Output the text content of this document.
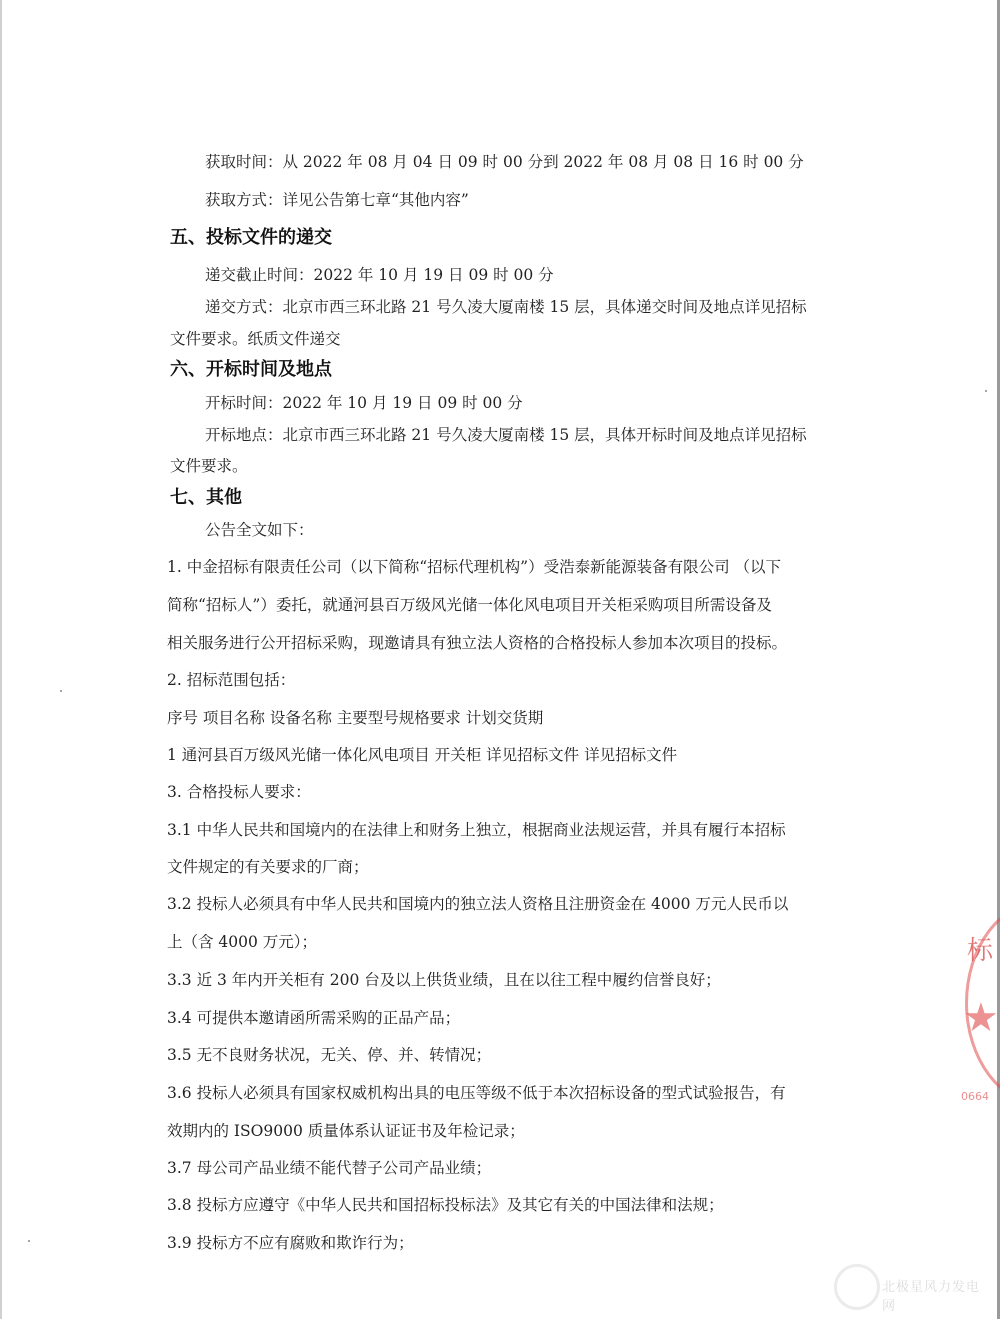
获取时间：从 2022 年 08 月 04 日 09 时 00 分到 2022 年 08 月 08 日 16 时 00 分
获取方式：详见公告第七章“其他内容”
五、投标文件的递交
递交截止时间：2022 年 10 月 19 日 09 时 00 分
递交方式：北京市西三环北路 21 号久凌大厦南楼 15 层，具体递交时间及地点详见招标
文件要求。纸质文件递交
六、开标时间及地点
开标时间：2022 年 10 月 19 日 09 时 00 分
开标地点：北京市西三环北路 21 号久凌大厦南楼 15 层，具体开标时间及地点详见招标
文件要求。
七、其他
公告全文如下：
1. 中金招标有限责任公司（以下简称“招标代理机构”）受浩泰新能源装备有限公司 （以下
简称“招标人”）委托，就通河县百万级风光储一体化风电项目开关柜采购项目所需设备及
相关服务进行公开招标采购，现邀请具有独立法人资格的合格投标人参加本次项目的投标。
2. 招标范围包括：
序号 项目名称 设备名称 主要型号规格要求 计划交货期
1 通河县百万级风光储一体化风电项目 开关柜 详见招标文件 详见招标文件
3. 合格投标人要求：
3.1 中华人民共和国境内的在法律上和财务上独立，根据商业法规运营，并具有履行本招标
文件规定的有关要求的厂商；
3.2 投标人必须具有中华人民共和国境内的独立法人资格且注册资金在 4000 万元人民币以
上（含 4000 万元）；
3.3 近 3 年内开关柜有 200 台及以上供货业绩，且在以往工程中履约信誉良好；
3.4 可提供本邀请函所需采购的正品产品；
3.5 无不良财务状况，无关、停、并、转情况；
3.6 投标人必须具有国家权威机构出具的电压等级不低于本次招标设备的型式试验报告，有
效期内的 ISO9000 质量体系认证证书及年检记录；
3.7 母公司产品业绩不能代替子公司产品业绩；
3.8 投标方应遵守《中华人民共和国招标投标法》及其它有关的中国法律和法规；
3.9 投标方不应有腐败和欺诈行为；
标
★
0664
北极星风力发电网
